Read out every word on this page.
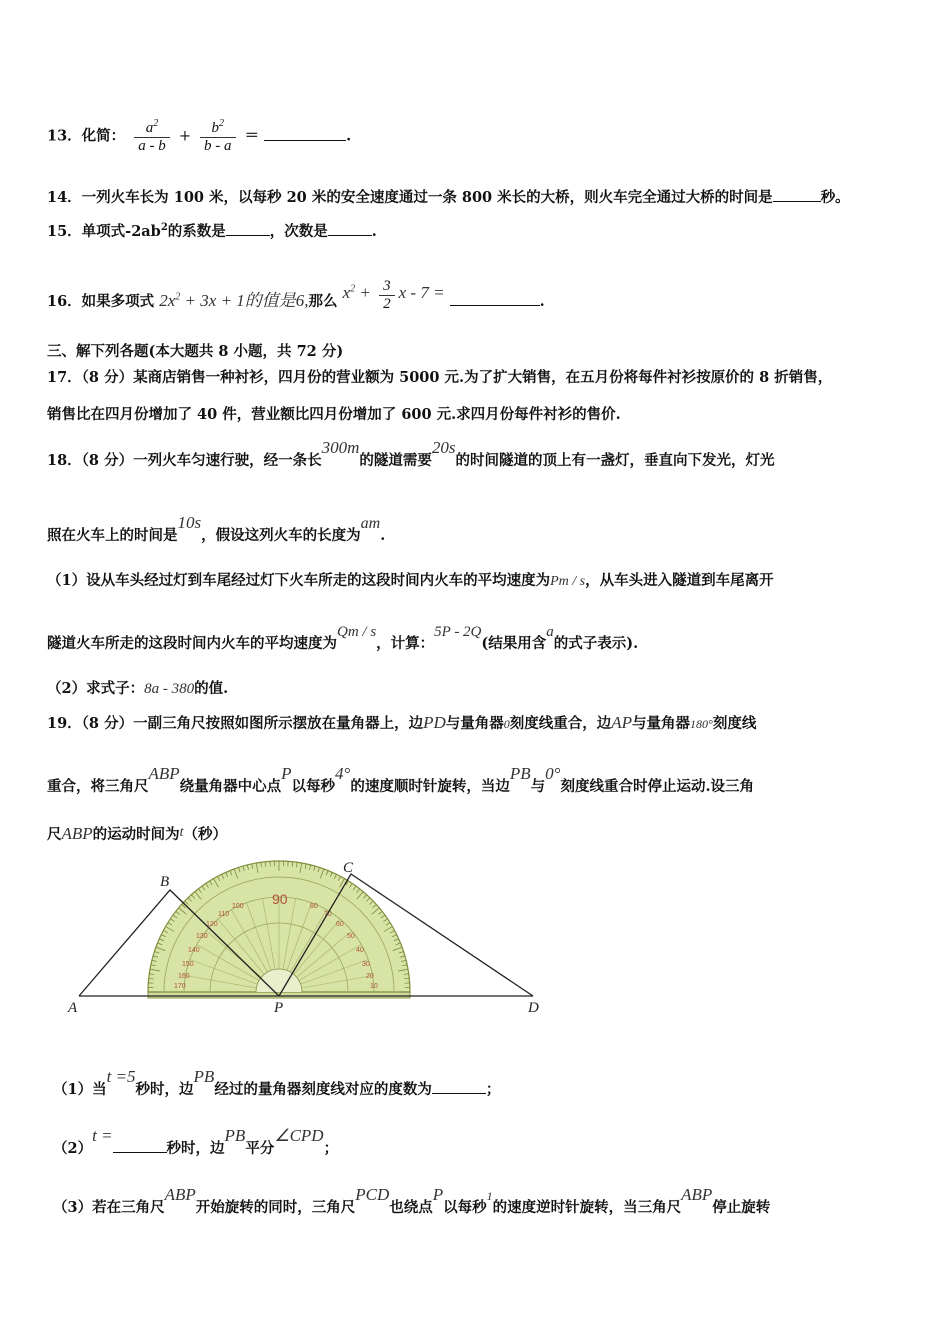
13．化简： $\frac{a^2}{a - b} + \frac{b^2}{b - a}$ ＝	.
14．一列火车长为 100 米，以每秒 20 米的安全速度通过一条 800 米长的大桥，则火车完全通过大桥的时间是	秒。
15．单项式$-2ab^2$的系数是	，次数是	.
16．如果多项式 $2x^2 + 3x + 1$的值是6,那么 $x^2 + \frac{3}{2}$ x - 7 =	.
三、解下列各题(本大题共 8 小题，共 72 分)
17．（8 分）某商店销售一种衬衫，四月份的营业额为 5000 元.为了扩大销售，在五月份将每件衬衫按原价的 8 折销售，
销售比在四月份增加了 40 件，营业额比四月份增加了 600 元.求四月份每件衬衫的售价.
18．（8 分）一列火车匀速行驶，经一条长300m的隧道需要20s的时间隧道的顶上有一盏灯，垂直向下发光，灯光
照在火车上的时间是10s，假设这列火车的长度为am.
（1）设从车头经过灯到车尾经过灯下火车所走的这段时间内火车的平均速度为Pm / s，从车头进入隧道到车尾离开
隧道火车所走的这段时间内火车的平均速度为Qm / s，计算：5P - 2Q(结果用含a的式子表示).
（2）求式子：8a - 380的值.
19．（8 分）一副三角尺按照如图所示摆放在量角器上，边PD与量角器0刻度线重合，边AP与量角器180°刻度线
重合，将三角尺ABP绕量角器中心点P以每秒4°的速度顺时针旋转，当边PB与0°刻度线重合时停止运动.设三角
尺ABP的运动时间为t（秒）
90
100
110
120
130
140
150
160
170
80
70
60
50
40
30
20
10
A
B
C
D
P
（1）当t =5秒时，边PB经过的量角器刻度线对应的度数为	；
（2）t =秒时，边PB平分∠CPD；
（3）若在三角尺ABP开始旋转的同时，三角尺PCD也绕点P以每秒$^1$的速度逆时针旋转，当三角尺ABP停止旋转
